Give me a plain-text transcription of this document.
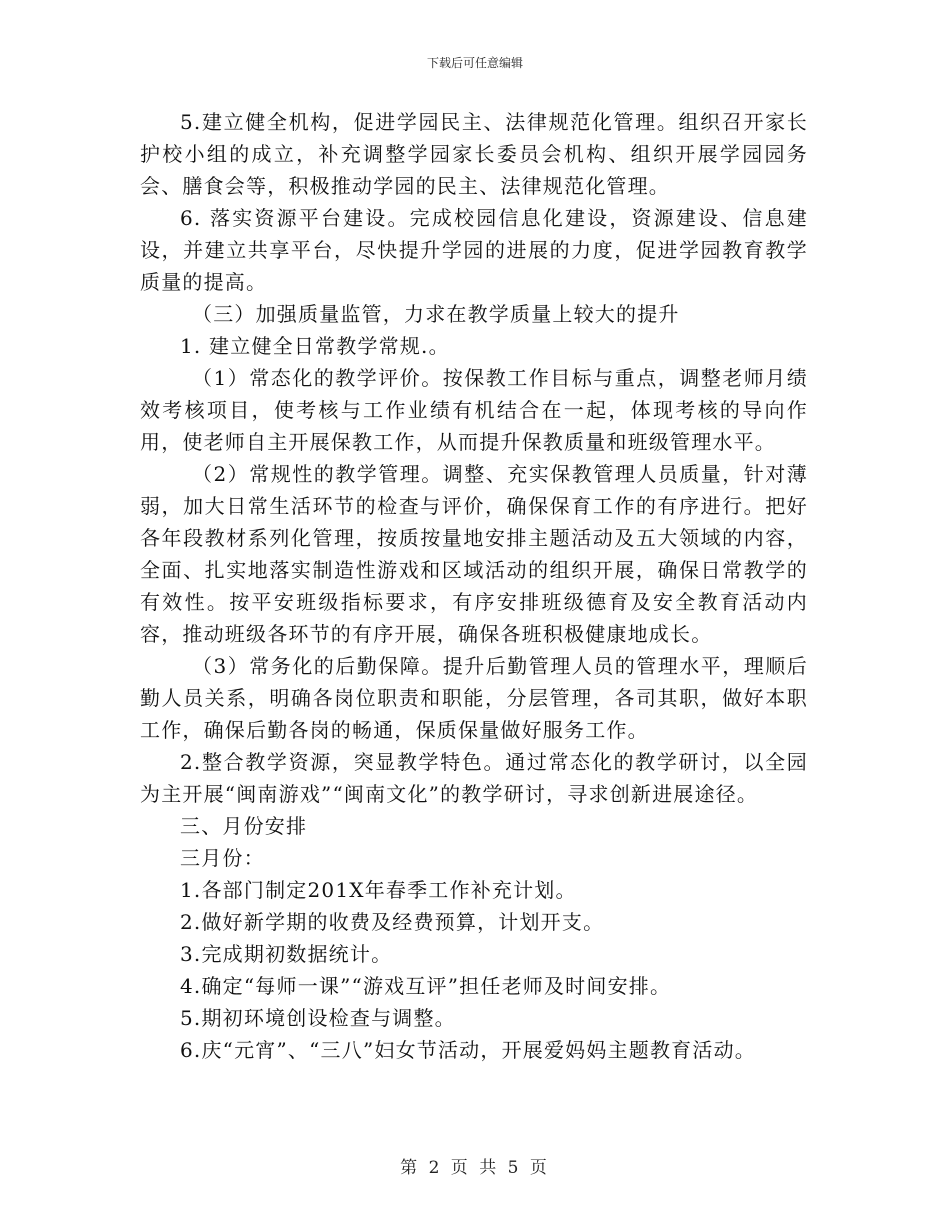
下载后可任意编辑

5.建立健全机构，促进学园民主、法律规范化管理。组织召开家长护校小组的成立，补充调整学园家长委员会机构、组织开展学园园务会、膳食会等，积极推动学园的民主、法律规范化管理。

6. 落实资源平台建设。完成校园信息化建设，资源建设、信息建设，并建立共享平台，尽快提升学园的进展的力度，促进学园教育教学质量的提高。

（三）加强质量监管，力求在教学质量上较大的提升

1. 建立健全日常教学常规.。

（1）常态化的教学评价。按保教工作目标与重点，调整老师月绩效考核项目，使考核与工作业绩有机结合在一起，体现考核的导向作用，使老师自主开展保教工作，从而提升保教质量和班级管理水平。

（2）常规性的教学管理。调整、充实保教管理人员质量，针对薄弱，加大日常生活环节的检查与评价，确保保育工作的有序进行。把好各年段教材系列化管理，按质按量地安排主题活动及五大领域的内容，全面、扎实地落实制造性游戏和区域活动的组织开展，确保日常教学的有效性。按平安班级指标要求，有序安排班级德育及安全教育活动内容，推动班级各环节的有序开展，确保各班积极健康地成长。

（3）常务化的后勤保障。提升后勤管理人员的管理水平，理顺后勤人员关系，明确各岗位职责和职能，分层管理，各司其职，做好本职工作，确保后勤各岗的畅通，保质保量做好服务工作。

2.整合教学资源，突显教学特色。通过常态化的教学研讨，以全园为主开展“闽南游戏”“闽南文化”的教学研讨，寻求创新进展途径。

三、月份安排

三月份：

1.各部门制定201X年春季工作补充计划。

2.做好新学期的收费及经费预算，计划开支。

3.完成期初数据统计。

4.确定“每师一课”“游戏互评”担任老师及时间安排。

5.期初环境创设检查与调整。

6.庆“元宵”、“三八”妇女节活动，开展爱妈妈主题教育活动。

第 2 页 共 5 页
